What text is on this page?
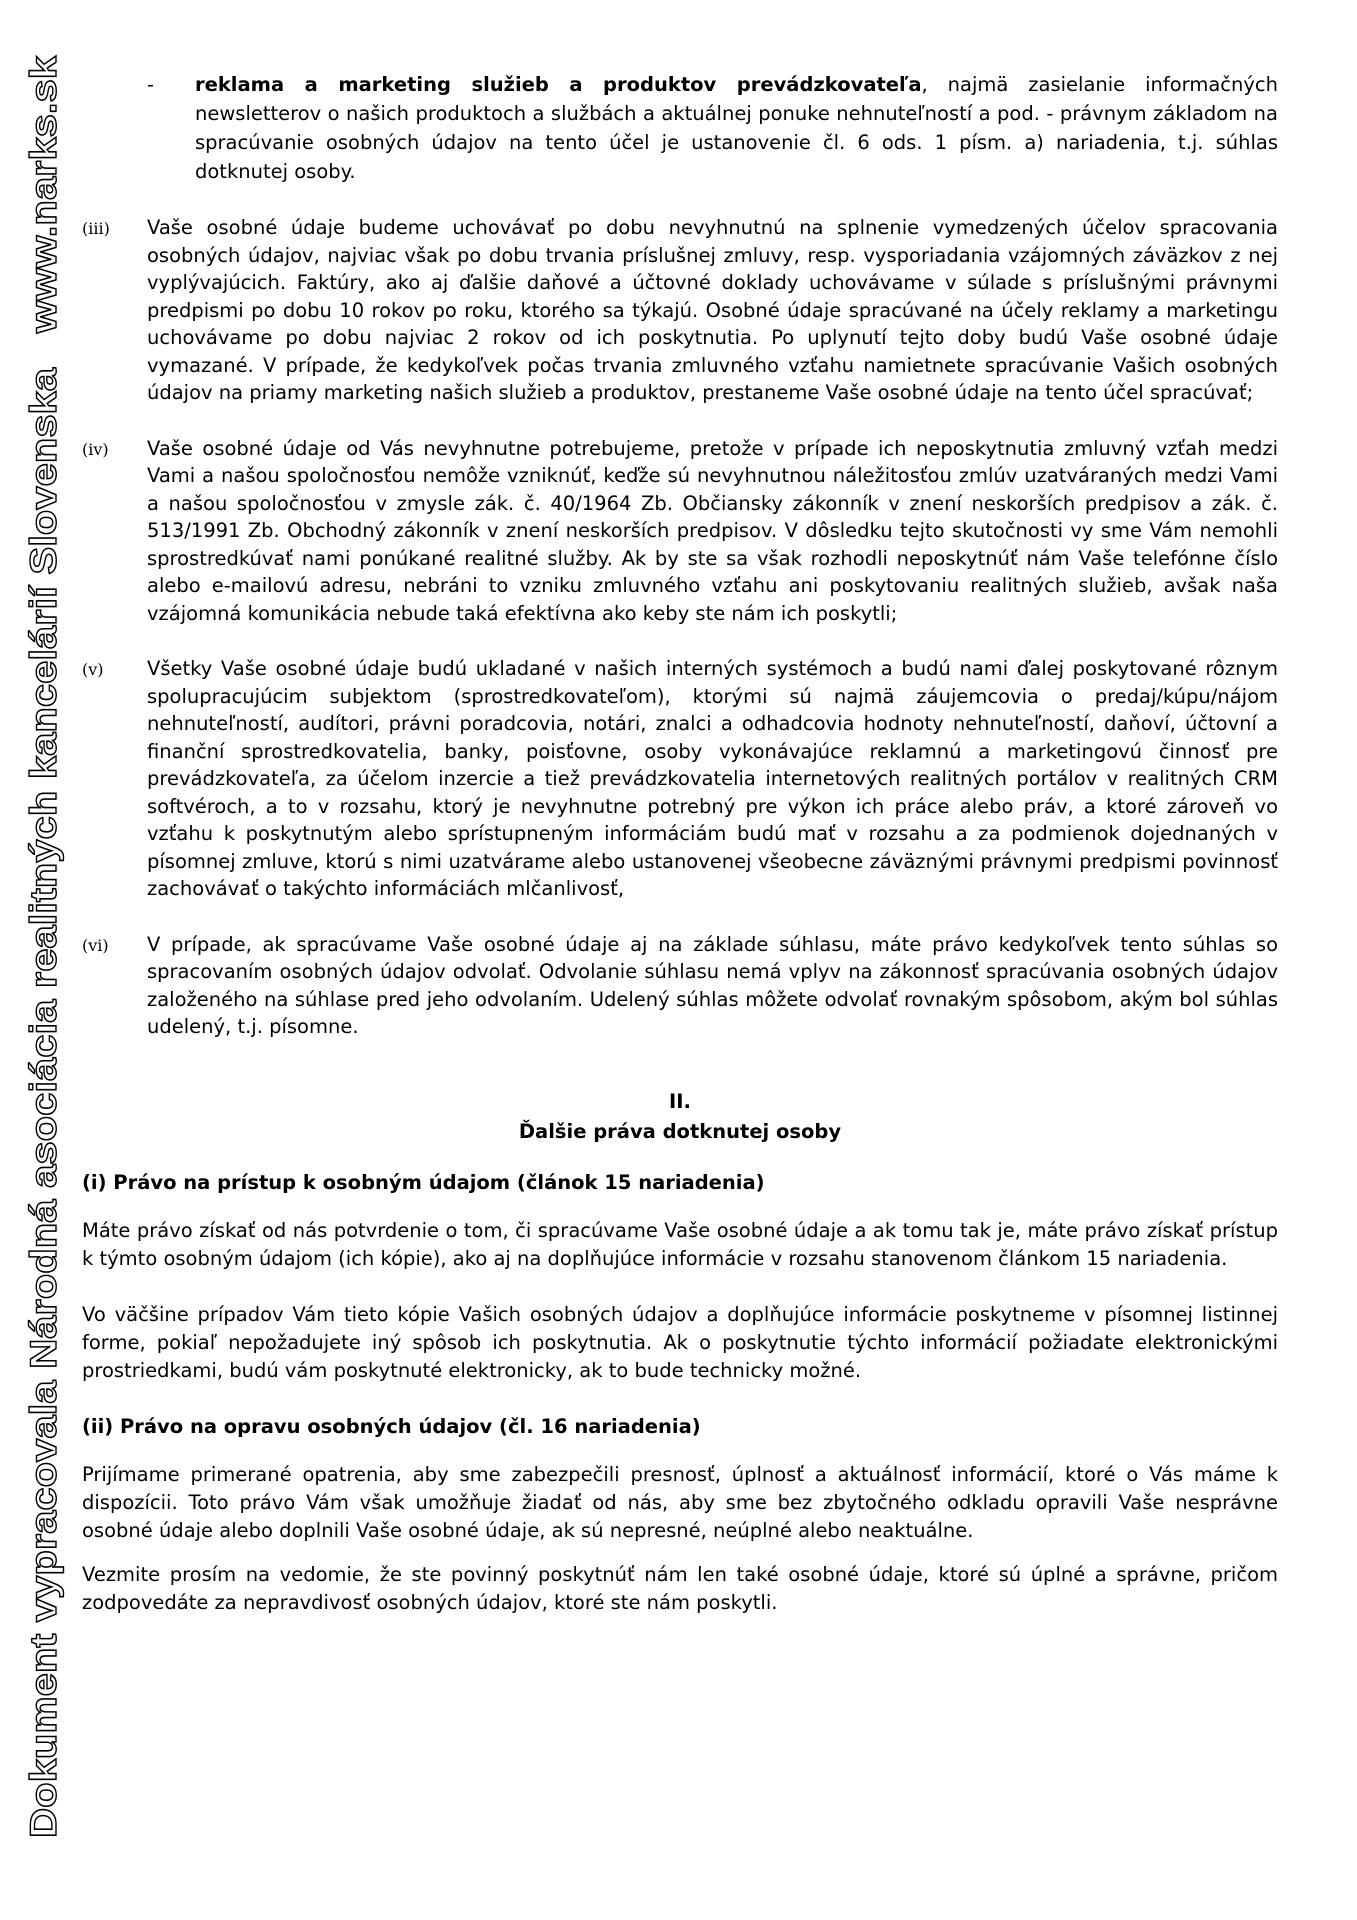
Dokument vypracovala Národná asociácia realitných kancelárií Slovenska   www.narks.sk
- reklama a marketing služieb a produktov prevádzkovateľa, najmä zasielanie informačných newsletterov o našich produktoch a službách a aktuálnej ponuke nehnuteľností a pod. - právnym základom na spracúvanie osobných údajov na tento účel je ustanovenie čl. 6 ods. 1 písm. a) nariadenia, t.j. súhlas dotknutej osoby.
(iii) Vaše osobné údaje budeme uchovávať po dobu nevyhnutnú na splnenie vymedzených účelov spracovania osobných údajov, najviac však po dobu trvania príslušnej zmluvy, resp. vysporiadania vzájomných záväzkov z nej vyplývajúcich. Faktúry, ako aj ďalšie daňové a účtovné doklady uchovávame v súlade s príslušnými právnymi predpismi po dobu 10 rokov po roku, ktorého sa týkajú. Osobné údaje spracúvané na účely reklamy a marketingu uchovávame po dobu najviac 2 rokov od ich poskytnutia. Po uplynutí tejto doby budú Vaše osobné údaje vymazané. V prípade, že kedykoľvek počas trvania zmluvného vzťahu namietnete spracúvanie Vašich osobných údajov na priamy marketing našich služieb a produktov, prestaneme Vaše osobné údaje na tento účel spracúvať;
(iv) Vaše osobné údaje od Vás nevyhnutne potrebujeme, pretože v prípade ich neposkytnutia zmluvný vzťah medzi Vami a našou spoločnosťou nemôže vzniknúť, keďže sú nevyhnutnou náležitosťou zmlúv uzatváraných medzi Vami a našou spoločnosťou v zmysle zák. č. 40/1964 Zb. Občiansky zákonník v znení neskorších predpisov a zák. č. 513/1991 Zb. Obchodný zákonník v znení neskorších predpisov. V dôsledku tejto skutočnosti vy sme Vám nemohli sprostredkúvať nami ponúkané realitné služby. Ak by ste sa však rozhodli neposkytnúť nám Vaše telefónne číslo alebo e-mailovú adresu, nebráni to vzniku zmluvného vzťahu ani poskytovaniu realitných služieb, avšak naša vzájomná komunikácia nebude taká efektívna ako keby ste nám ich poskytli;
(v) Všetky Vaše osobné údaje budú ukladané v našich interných systémoch a budú nami ďalej poskytované rôznym spolupracujúcim subjektom (sprostredkovateľom), ktorými sú najmä záujemcovia o predaj/kúpu/nájom nehnuteľností, audítori, právni poradcovia, notári, znalci a odhadcovia hodnoty nehnuteľností, daňoví, účtovní a finanční sprostredkovatelia, banky, poisťovne, osoby vykonávajúce reklamnú a marketingovú činnosť pre prevádzkovateľa, za účelom inzercie a tiež prevádzkovatelia internetových realitných portálov v realitných CRM softvéroch, a to v rozsahu, ktorý je nevyhnutne potrebný pre výkon ich práce alebo práv, a ktoré zároveň vo vzťahu k poskytnutým alebo sprístupneným informáciám budú mať v rozsahu a za podmienok dojednaných v písomnej zmluve, ktorú s nimi uzatvárame alebo ustanovenej všeobecne záväznými právnymi predpismi povinnosť zachovávať o takýchto informáciách mlčanlivosť,
(vi) V prípade, ak spracúvame Vaše osobné údaje aj na základe súhlasu, máte právo kedykoľvek tento súhlas so spracovaním osobných údajov odvolať. Odvolanie súhlasu nemá vplyv na zákonnosť spracúvania osobných údajov založeného na súhlase pred jeho odvolaním. Udelený súhlas môžete odvolať rovnakým spôsobom, akým bol súhlas udelený, t.j. písomne.
II.
Ďalšie práva dotknutej osoby
(i) Právo na prístup k osobným údajom (článok 15 nariadenia)
Máte právo získať od nás potvrdenie o tom, či spracúvame Vaše osobné údaje a ak tomu tak je, máte právo získať prístup k týmto osobným údajom (ich kópie), ako aj na doplňujúce informácie v rozsahu stanovenom článkom 15 nariadenia.
Vo väčšine prípadov Vám tieto kópie Vašich osobných údajov a doplňujúce informácie poskytneme v písomnej listinnej forme, pokiaľ nepožadujete iný spôsob ich poskytnutia. Ak o poskytnutie týchto informácií požiadate elektronickými prostriedkami, budú vám poskytnuté elektronicky, ak to bude technicky možné.
(ii) Právo na opravu osobných údajov (čl. 16 nariadenia)
Prijímame primerané opatrenia, aby sme zabezpečili presnosť, úplnosť a aktuálnosť informácií, ktoré o Vás máme k dispozícii. Toto právo Vám však umožňuje žiadať od nás, aby sme bez zbytočného odkladu opravili Vaše nesprávne osobné údaje alebo doplnili Vaše osobné údaje, ak sú nepresné, neúplné alebo neaktuálne.
Vezmite prosím na vedomie, že ste povinný poskytnúť nám len také osobné údaje, ktoré sú úplné a správne, pričom zodpovedáte za nepravdivosť osobných údajov, ktoré ste nám poskytli.
